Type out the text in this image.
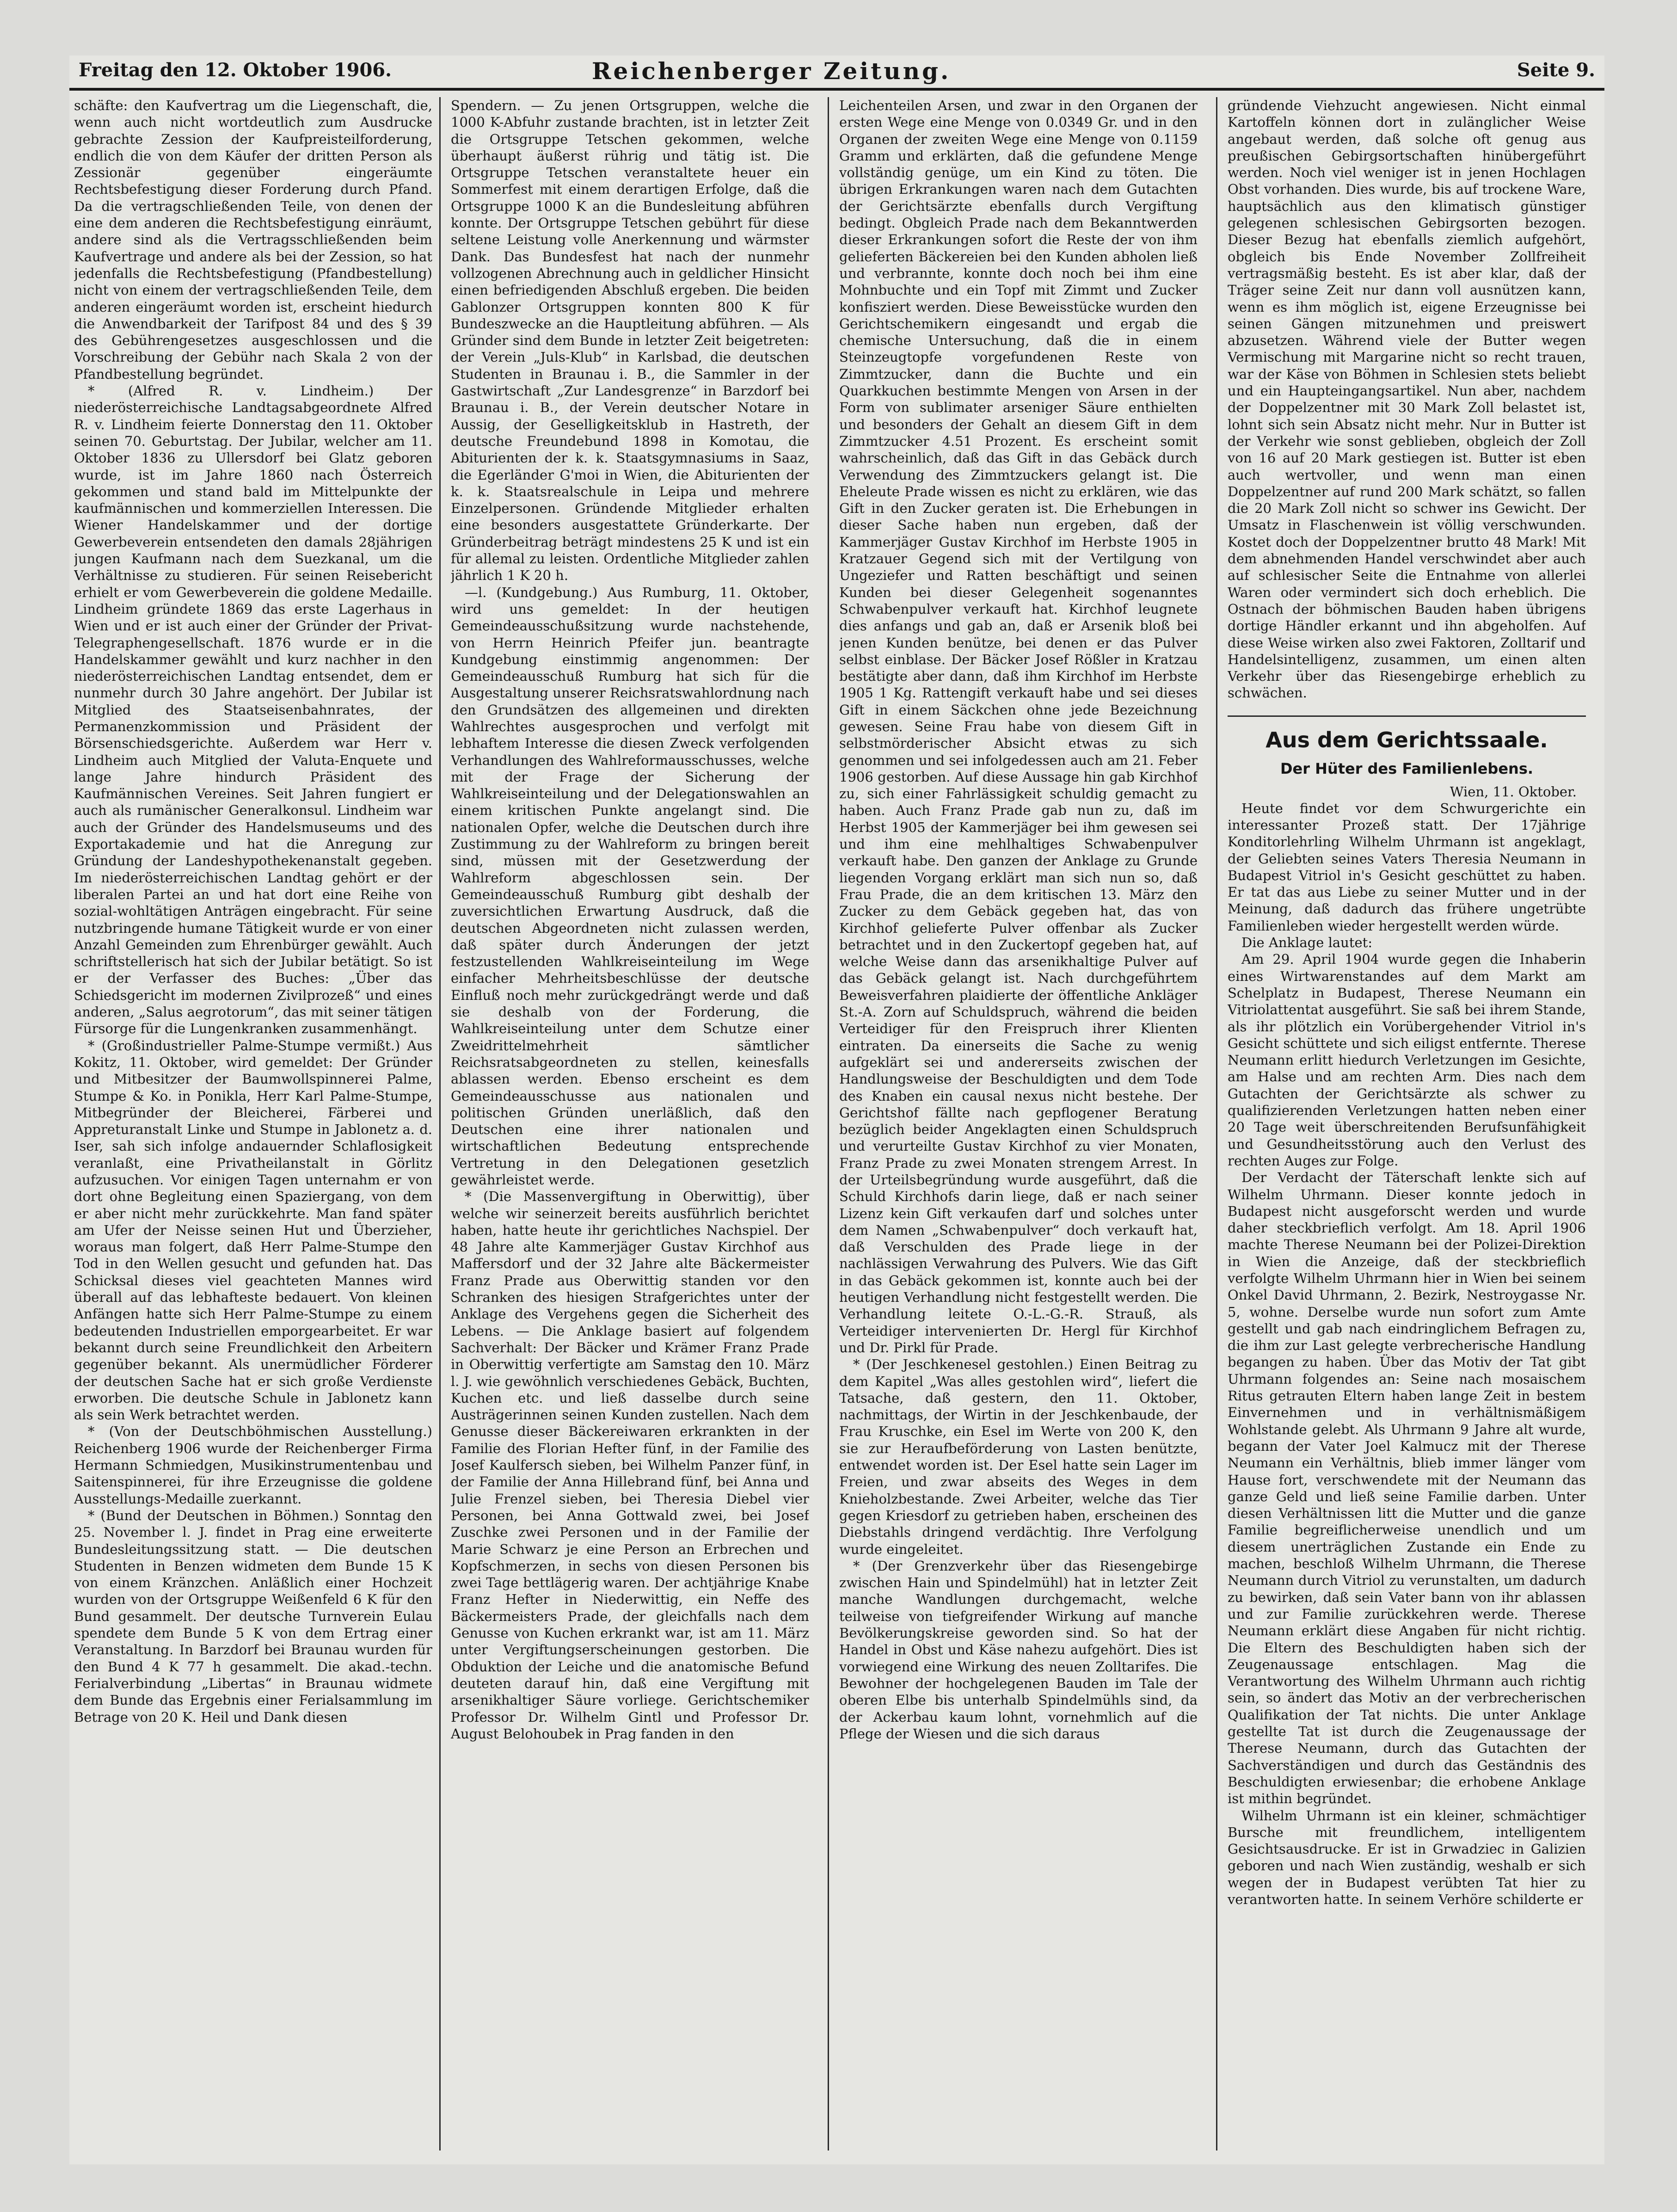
Freitag den 12. Oktober 1906.	Reichenberger Zeitung.	Seite 9.

schäfte: den Kaufvertrag um die Liegenschaft, die, wenn auch nicht wortdeutlich zum Ausdrucke gebrachte Zession der Kaufpreisteilforderung, endlich die von dem Käufer der dritten Person als Zessionär gegenüber eingeräumte Rechtsbefestigung dieser Forderung durch Pfand. Da die vertragschließenden Teile, von denen der eine dem anderen die Rechtsbefestigung einräumt, andere sind als die Vertragsschließenden beim Kaufvertrage und andere als bei der Zession, so hat jedenfalls die Rechtsbefestigung (Pfandbestellung) nicht von einem der vertragschließenden Teile, dem anderen eingeräumt worden ist, erscheint hiedurch die Anwendbarkeit der Tarifpost 84 und des § 39 des Gebührengesetzes ausgeschlossen und die Vorschreibung der Gebühr nach Skala 2 von der Pfandbestellung begründet.

* (Alfred R. v. Lindheim.) Der niederösterreichische Landtagsabgeordnete Alfred R. v. Lindheim feierte Donnerstag den 11. Oktober seinen 70. Geburtstag. Der Jubilar, welcher am 11. Oktober 1836 zu Ullersdorf bei Glatz geboren wurde, ist im Jahre 1860 nach Österreich gekommen und stand bald im Mittelpunkte der kaufmännischen und kommerziellen Interessen. Die Wiener Handelskammer und der dortige Gewerbeverein entsendeten den damals 28jährigen jungen Kaufmann nach dem Suezkanal, um die Verhältnisse zu studieren. Für seinen Reisebericht erhielt er vom Gewerbeverein die goldene Medaille. Lindheim gründete 1869 das erste Lagerhaus in Wien und er ist auch einer der Gründer der Privat-Telegraphengesellschaft. 1876 wurde er in die Handelskammer gewählt und kurz nachher in den niederösterreichischen Landtag entsendet, dem er nunmehr durch 30 Jahre angehört. Der Jubilar ist Mitglied des Staatseisenbahnrates, der Permanenzkommission und Präsident der Börsenschiedsgerichte. Außerdem war Herr v. Lindheim auch Mitglied der Valuta-Enquete und lange Jahre hindurch Präsident des Kaufmännischen Vereines. Seit Jahren fungiert er auch als rumänischer Generalkonsul. Lindheim war auch der Gründer des Handelsmuseums und des Exportakademie und hat die Anregung zur Gründung der Landeshypothekenanstalt gegeben. Im niederösterreichischen Landtag gehört er der liberalen Partei an und hat dort eine Reihe von sozial-wohltätigen Anträgen eingebracht. Für seine nutzbringende humane Tätigkeit wurde er von einer Anzahl Gemeinden zum Ehrenbürger gewählt. Auch schriftstellerisch hat sich der Jubilar betätigt. So ist er der Verfasser des Buches: „Über das Schiedsgericht im modernen Zivilprozeß“ und eines anderen, „Salus aegrotorum“, das mit seiner tätigen Fürsorge für die Lungenkranken zusammenhängt.

* (Großindustrieller Palme-Stumpe vermißt.) Aus Kokitz, 11. Oktober, wird gemeldet: Der Gründer und Mitbesitzer der Baumwollspinnerei Palme, Stumpe & Ko. in Ponikla, Herr Karl Palme-Stumpe, Mitbegründer der Bleicherei, Färberei und Appreturanstalt Linke und Stumpe in Jablonetz a. d. Iser, sah sich infolge andauernder Schlaflosigkeit veranlaßt, eine Privatheilanstalt in Görlitz aufzusuchen. Vor einigen Tagen unternahm er von dort ohne Begleitung einen Spaziergang, von dem er aber nicht mehr zurückkehrte. Man fand später am Ufer der Neisse seinen Hut und Überzieher, woraus man folgert, daß Herr Palme-Stumpe den Tod in den Wellen gesucht und gefunden hat. Das Schicksal dieses viel geachteten Mannes wird überall auf das lebhafteste bedauert. Von kleinen Anfängen hatte sich Herr Palme-Stumpe zu einem bedeutenden Industriellen emporgearbeitet. Er war bekannt durch seine Freundlichkeit den Arbeitern gegenüber bekannt. Als unermüdlicher Förderer der deutschen Sache hat er sich große Verdienste erworben. Die deutsche Schule in Jablonetz kann als sein Werk betrachtet werden.

* (Von der Deutschböhmischen Ausstellung.) Reichenberg 1906 wurde der Reichenberger Firma Hermann Schmiedgen, Musikinstrumentenbau und Saitenspinnerei, für ihre Erzeugnisse die goldene Ausstellungs-Medaille zuerkannt.

* (Bund der Deutschen in Böhmen.) Sonntag den 25. November l. J. findet in Prag eine erweiterte Bundesleitungssitzung statt. — Die deutschen Studenten in Benzen widmeten dem Bunde 15 K von einem Kränzchen. Anläßlich einer Hochzeit wurden von der Ortsgruppe Weißenfeld 6 K für den Bund gesammelt. Der deutsche Turnverein Eulau spendete dem Bunde 5 K von dem Ertrag einer Veranstaltung. In Barzdorf bei Braunau wurden für den Bund 4 K 77 h gesammelt. Die akad.-techn. Ferialverbindung „Libertas“ in Braunau widmete dem Bunde das Ergebnis einer Ferialsammlung im Betrage von 20 K. Heil und Dank diesen

Spendern. — Zu jenen Ortsgruppen, welche die 1000 K-Abfuhr zustande brachten, ist in letzter Zeit die Ortsgruppe Tetschen gekommen, welche überhaupt äußerst rührig und tätig ist. Die Ortsgruppe Tetschen veranstaltete heuer ein Sommerfest mit einem derartigen Erfolge, daß die Ortsgruppe 1000 K an die Bundesleitung abführen konnte. Der Ortsgruppe Tetschen gebührt für diese seltene Leistung volle Anerkennung und wärmster Dank. Das Bundesfest hat nach der nunmehr vollzogenen Abrechnung auch in geldlicher Hinsicht einen befriedigenden Abschluß ergeben. Die beiden Gablonzer Ortsgruppen konnten 800 K für Bundeszwecke an die Hauptleitung abführen. — Als Gründer sind dem Bunde in letzter Zeit beigetreten: der Verein „Juls-Klub“ in Karlsbad, die deutschen Studenten in Braunau i. B., die Sammler in der Gastwirtschaft „Zur Landesgrenze“ in Barzdorf bei Braunau i. B., der Verein deutscher Notare in Aussig, der Geselligkeitsklub in Hastreth, der deutsche Freundebund 1898 in Komotau, die Abiturienten der k. k. Staatsgymnasiums in Saaz, die Egerländer G'moi in Wien, die Abiturienten der k. k. Staatsrealschule in Leipa und mehrere Einzelpersonen. Gründende Mitglieder erhalten eine besonders ausgestattete Gründerkarte. Der Gründerbeitrag beträgt mindestens 25 K und ist ein für allemal zu leisten. Ordentliche Mitglieder zahlen jährlich 1 K 20 h.

—l. (Kundgebung.) Aus Rumburg, 11. Oktober, wird uns gemeldet: In der heutigen Gemeindeausschußsitzung wurde nachstehende, von Herrn Heinrich Pfeifer jun. beantragte Kundgebung einstimmig angenommen: Der Gemeindeausschuß Rumburg hat sich für die Ausgestaltung unserer Reichsratswahlordnung nach den Grundsätzen des allgemeinen und direkten Wahlrechtes ausgesprochen und verfolgt mit lebhaftem Interesse die diesen Zweck verfolgenden Verhandlungen des Wahlreformausschusses, welche mit der Frage der Sicherung der Wahlkreiseinteilung und der Delegationswahlen an einem kritischen Punkte angelangt sind. Die nationalen Opfer, welche die Deutschen durch ihre Zustimmung zu der Wahlreform zu bringen bereit sind, müssen mit der Gesetzwerdung der Wahlreform abgeschlossen sein. Der Gemeindeausschuß Rumburg gibt deshalb der zuversichtlichen Erwartung Ausdruck, daß die deutschen Abgeordneten nicht zulassen werden, daß später durch Änderungen der jetzt festzustellenden Wahlkreiseinteilung im Wege einfacher Mehrheitsbeschlüsse der deutsche Einfluß noch mehr zurückgedrängt werde und daß sie deshalb von der Forderung, die Wahlkreiseinteilung unter dem Schutze einer Zweidrittelmehrheit sämtlicher Reichsratsabgeordneten zu stellen, keinesfalls ablassen werden. Ebenso erscheint es dem Gemeindeausschusse aus nationalen und politischen Gründen unerläßlich, daß den Deutschen eine ihrer nationalen und wirtschaftlichen Bedeutung entsprechende Vertretung in den Delegationen gesetzlich gewährleistet werde.

* (Die Massenvergiftung in Oberwittig), über welche wir seinerzeit bereits ausführlich berichtet haben, hatte heute ihr gerichtliches Nachspiel. Der 48 Jahre alte Kammerjäger Gustav Kirchhof aus Maffersdorf und der 32 Jahre alte Bäckermeister Franz Prade aus Oberwittig standen vor den Schranken des hiesigen Strafgerichtes unter der Anklage des Vergehens gegen die Sicherheit des Lebens. — Die Anklage basiert auf folgendem Sachverhalt: Der Bäcker und Krämer Franz Prade in Oberwittig verfertigte am Samstag den 10. März l. J. wie gewöhnlich verschiedenes Gebäck, Buchten, Kuchen etc. und ließ dasselbe durch seine Austrägerinnen seinen Kunden zustellen. Nach dem Genusse dieser Bäckereiwaren erkrankten in der Familie des Florian Hefter fünf, in der Familie des Josef Kaulfersch sieben, bei Wilhelm Panzer fünf, in der Familie der Anna Hillebrand fünf, bei Anna und Julie Frenzel sieben, bei Theresia Diebel vier Personen, bei Anna Gottwald zwei, bei Josef Zuschke zwei Personen und in der Familie der Marie Schwarz je eine Person an Erbrechen und Kopfschmerzen, in sechs von diesen Personen bis zwei Tage bettlägerig waren. Der achtjährige Knabe Franz Hefter in Niederwittig, ein Neffe des Bäckermeisters Prade, der gleichfalls nach dem Genusse von Kuchen erkrankt war, ist am 11. März unter Vergiftungserscheinungen gestorben. Die Obduktion der Leiche und die anatomische Befund deuteten darauf hin, daß eine Vergiftung mit arsenikhaltiger Säure vorliege. Gerichtschemiker Professor Dr. Wilhelm Gintl und Professor Dr. August Belohoubek in Prag fanden in den

Leichenteilen Arsen, und zwar in den Organen der ersten Wege eine Menge von 0.0349 Gr. und in den Organen der zweiten Wege eine Menge von 0.1159 Gramm und erklärten, daß die gefundene Menge vollständig genüge, um ein Kind zu töten. Die übrigen Erkrankungen waren nach dem Gutachten der Gerichtsärzte ebenfalls durch Vergiftung bedingt. Obgleich Prade nach dem Bekanntwerden dieser Erkrankungen sofort die Reste der von ihm gelieferten Bäckereien bei den Kunden abholen ließ und verbrannte, konnte doch noch bei ihm eine Mohnbuchte und ein Topf mit Zimmt und Zucker konfisziert werden. Diese Beweisstücke wurden den Gerichtschemikern eingesandt und ergab die chemische Untersuchung, daß die in einem Steinzeugtopfe vorgefundenen Reste von Zimmtzucker, dann die Buchte und ein Quarkkuchen bestimmte Mengen von Arsen in der Form von sublimater arseniger Säure enthielten und besonders der Gehalt an diesem Gift in dem Zimmtzucker 4.51 Prozent. Es erscheint somit wahrscheinlich, daß das Gift in das Gebäck durch Verwendung des Zimmtzuckers gelangt ist. Die Eheleute Prade wissen es nicht zu erklären, wie das Gift in den Zucker geraten ist. Die Erhebungen in dieser Sache haben nun ergeben, daß der Kammerjäger Gustav Kirchhof im Herbste 1905 in Kratzauer Gegend sich mit der Vertilgung von Ungeziefer und Ratten beschäftigt und seinen Kunden bei dieser Gelegenheit sogenanntes Schwabenpulver verkauft hat. Kirchhof leugnete dies anfangs und gab an, daß er Arsenik bloß bei jenen Kunden benütze, bei denen er das Pulver selbst einblase. Der Bäcker Josef Rößler in Kratzau bestätigte aber dann, daß ihm Kirchhof im Herbste 1905 1 Kg. Rattengift verkauft habe und sei dieses Gift in einem Säckchen ohne jede Bezeichnung gewesen. Seine Frau habe von diesem Gift in selbstmörderischer Absicht etwas zu sich genommen und sei infolgedessen auch am 21. Feber 1906 gestorben. Auf diese Aussage hin gab Kirchhof zu, sich einer Fahrlässigkeit schuldig gemacht zu haben. Auch Franz Prade gab nun zu, daß im Herbst 1905 der Kammerjäger bei ihm gewesen sei und ihm eine mehlhaltiges Schwabenpulver verkauft habe. Den ganzen der Anklage zu Grunde liegenden Vorgang erklärt man sich nun so, daß Frau Prade, die an dem kritischen 13. März den Zucker zu dem Gebäck gegeben hat, das von Kirchhof gelieferte Pulver offenbar als Zucker betrachtet und in den Zuckertopf gegeben hat, auf welche Weise dann das arsenikhaltige Pulver auf das Gebäck gelangt ist. Nach durchgeführtem Beweisverfahren plaidierte der öffentliche Ankläger St.-A. Zorn auf Schuldspruch, während die beiden Verteidiger für den Freispruch ihrer Klienten eintraten. Da einerseits die Sache zu wenig aufgeklärt sei und andererseits zwischen der Handlungsweise der Beschuldigten und dem Tode des Knaben ein causal nexus nicht bestehe. Der Gerichtshof fällte nach gepflogener Beratung bezüglich beider Angeklagten einen Schuldspruch und verurteilte Gustav Kirchhof zu vier Monaten, Franz Prade zu zwei Monaten strengem Arrest. In der Urteilsbegründung wurde ausgeführt, daß die Schuld Kirchhofs darin liege, daß er nach seiner Lizenz kein Gift verkaufen darf und solches unter dem Namen „Schwabenpulver“ doch verkauft hat, daß Verschulden des Prade liege in der nachlässigen Verwahrung des Pulvers. Wie das Gift in das Gebäck gekommen ist, konnte auch bei der heutigen Verhandlung nicht festgestellt werden. Die Verhandlung leitete O.-L.-G.-R. Strauß, als Verteidiger intervenierten Dr. Hergl für Kirchhof und Dr. Pirkl für Prade.

* (Der Jeschkenesel gestohlen.) Einen Beitrag zu dem Kapitel „Was alles gestohlen wird“, liefert die Tatsache, daß gestern, den 11. Oktober, nachmittags, der Wirtin in der Jeschkenbaude, der Frau Kruschke, ein Esel im Werte von 200 K, den sie zur Heraufbeförderung von Lasten benützte, entwendet worden ist. Der Esel hatte sein Lager im Freien, und zwar abseits des Weges in dem Knieholzbestande. Zwei Arbeiter, welche das Tier gegen Kriesdorf zu getrieben haben, erscheinen des Diebstahls dringend verdächtig. Ihre Verfolgung wurde eingeleitet.

* (Der Grenzverkehr über das Riesengebirge zwischen Hain und Spindelmühl) hat in letzter Zeit manche Wandlungen durchgemacht, welche teilweise von tiefgreifender Wirkung auf manche Bevölkerungskreise geworden sind. So hat der Handel in Obst und Käse nahezu aufgehört. Dies ist vorwiegend eine Wirkung des neuen Zolltarifes. Die Bewohner der hochgelegenen Bauden im Tale der oberen Elbe bis unterhalb Spindelmühls sind, da der Ackerbau kaum lohnt, vornehmlich auf die Pflege der Wiesen und die sich daraus

gründende Viehzucht angewiesen. Nicht einmal Kartoffeln können dort in zulänglicher Weise angebaut werden, daß solche oft genug aus preußischen Gebirgsortschaften hinübergeführt werden. Noch viel weniger ist in jenen Hochlagen Obst vorhanden. Dies wurde, bis auf trockene Ware, hauptsächlich aus den klimatisch günstiger gelegenen schlesischen Gebirgsorten bezogen. Dieser Bezug hat ebenfalls ziemlich aufgehört, obgleich bis Ende November Zollfreiheit vertragsmäßig besteht. Es ist aber klar, daß der Träger seine Zeit nur dann voll ausnützen kann, wenn es ihm möglich ist, eigene Erzeugnisse bei seinen Gängen mitzunehmen und preiswert abzusetzen. Während viele der Butter wegen Vermischung mit Margarine nicht so recht trauen, war der Käse von Böhmen in Schlesien stets beliebt und ein Haupteingangsartikel. Nun aber, nachdem der Doppelzentner mit 30 Mark Zoll belastet ist, lohnt sich sein Absatz nicht mehr. Nur in Butter ist der Verkehr wie sonst geblieben, obgleich der Zoll von 16 auf 20 Mark gestiegen ist. Butter ist eben auch wertvoller, und wenn man einen Doppelzentner auf rund 200 Mark schätzt, so fallen die 20 Mark Zoll nicht so schwer ins Gewicht. Der Umsatz in Flaschenwein ist völlig verschwunden. Kostet doch der Doppelzentner brutto 48 Mark! Mit dem abnehmenden Handel verschwindet aber auch auf schlesischer Seite die Entnahme von allerlei Waren oder vermindert sich doch erheblich. Die Ostnach der böhmischen Bauden haben übrigens dortige Händler erkannt und ihn abgeholfen. Auf diese Weise wirken also zwei Faktoren, Zolltarif und Handelsintelligenz, zusammen, um einen alten Verkehr über das Riesengebirge erheblich zu schwächen.

Aus dem Gerichtssaale.
Der Hüter des Familienlebens.
Wien, 11. Oktober.

Heute findet vor dem Schwurgerichte ein interessanter Prozeß statt. Der 17jährige Konditorlehrling Wilhelm Uhrmann ist angeklagt, der Geliebten seines Vaters Theresia Neumann in Budapest Vitriol in's Gesicht geschüttet zu haben. Er tat das aus Liebe zu seiner Mutter und in der Meinung, daß dadurch das frühere ungetrübte Familienleben wieder hergestellt werden würde.

Die Anklage lautet:

Am 29. April 1904 wurde gegen die Inhaberin eines Wirtwarenstandes auf dem Markt am Schelplatz in Budapest, Therese Neumann ein Vitriolattentat ausgeführt. Sie saß bei ihrem Stande, als ihr plötzlich ein Vorübergehender Vitriol in's Gesicht schüttete und sich eiligst entfernte. Therese Neumann erlitt hiedurch Verletzungen im Gesichte, am Halse und am rechten Arm. Dies nach dem Gutachten der Gerichtsärzte als schwer zu qualifizierenden Verletzungen hatten neben einer 20 Tage weit überschreitenden Berufsunfähigkeit und Gesundheitsstörung auch den Verlust des rechten Auges zur Folge.

Der Verdacht der Täterschaft lenkte sich auf Wilhelm Uhrmann. Dieser konnte jedoch in Budapest nicht ausgeforscht werden und wurde daher steckbrieflich verfolgt. Am 18. April 1906 machte Therese Neumann bei der Polizei-Direktion in Wien die Anzeige, daß der steckbrieflich verfolgte Wilhelm Uhrmann hier in Wien bei seinem Onkel David Uhrmann, 2. Bezirk, Nestroygasse Nr. 5, wohne. Derselbe wurde nun sofort zum Amte gestellt und gab nach eindringlichem Befragen zu, die ihm zur Last gelegte verbrecherische Handlung begangen zu haben. Über das Motiv der Tat gibt Uhrmann folgendes an: Seine nach mosaischem Ritus getrauten Eltern haben lange Zeit in bestem Einvernehmen und in verhältnismäßigem Wohlstande gelebt. Als Uhrmann 9 Jahre alt wurde, begann der Vater Joel Kalmucz mit der Therese Neumann ein Verhältnis, blieb immer länger vom Hause fort, verschwendete mit der Neumann das ganze Geld und ließ seine Familie darben. Unter diesen Verhältnissen litt die Mutter und die ganze Familie begreiflicherweise unendlich und um diesem unerträglichen Zustande ein Ende zu machen, beschloß Wilhelm Uhrmann, die Therese Neumann durch Vitriol zu verunstalten, um dadurch zu bewirken, daß sein Vater bann von ihr ablassen und zur Familie zurückkehren werde. Therese Neumann erklärt diese Angaben für nicht richtig. Die Eltern des Beschuldigten haben sich der Zeugenaussage entschlagen. Mag die Verantwortung des Wilhelm Uhrmann auch richtig sein, so ändert das Motiv an der verbrecherischen Qualifikation der Tat nichts. Die unter Anklage gestellte Tat ist durch die Zeugenaussage der Therese Neumann, durch das Gutachten der Sachverständigen und durch das Geständnis des Beschuldigten erwiesenbar; die erhobene Anklage ist mithin begründet.

Wilhelm Uhrmann ist ein kleiner, schmächtiger Bursche mit freundlichem, intelligentem Gesichtsausdrucke. Er ist in Grwadziec in Galizien geboren und nach Wien zuständig, weshalb er sich wegen der in Budapest verübten Tat hier zu verantworten hatte. In seinem Verhöre schilderte er
